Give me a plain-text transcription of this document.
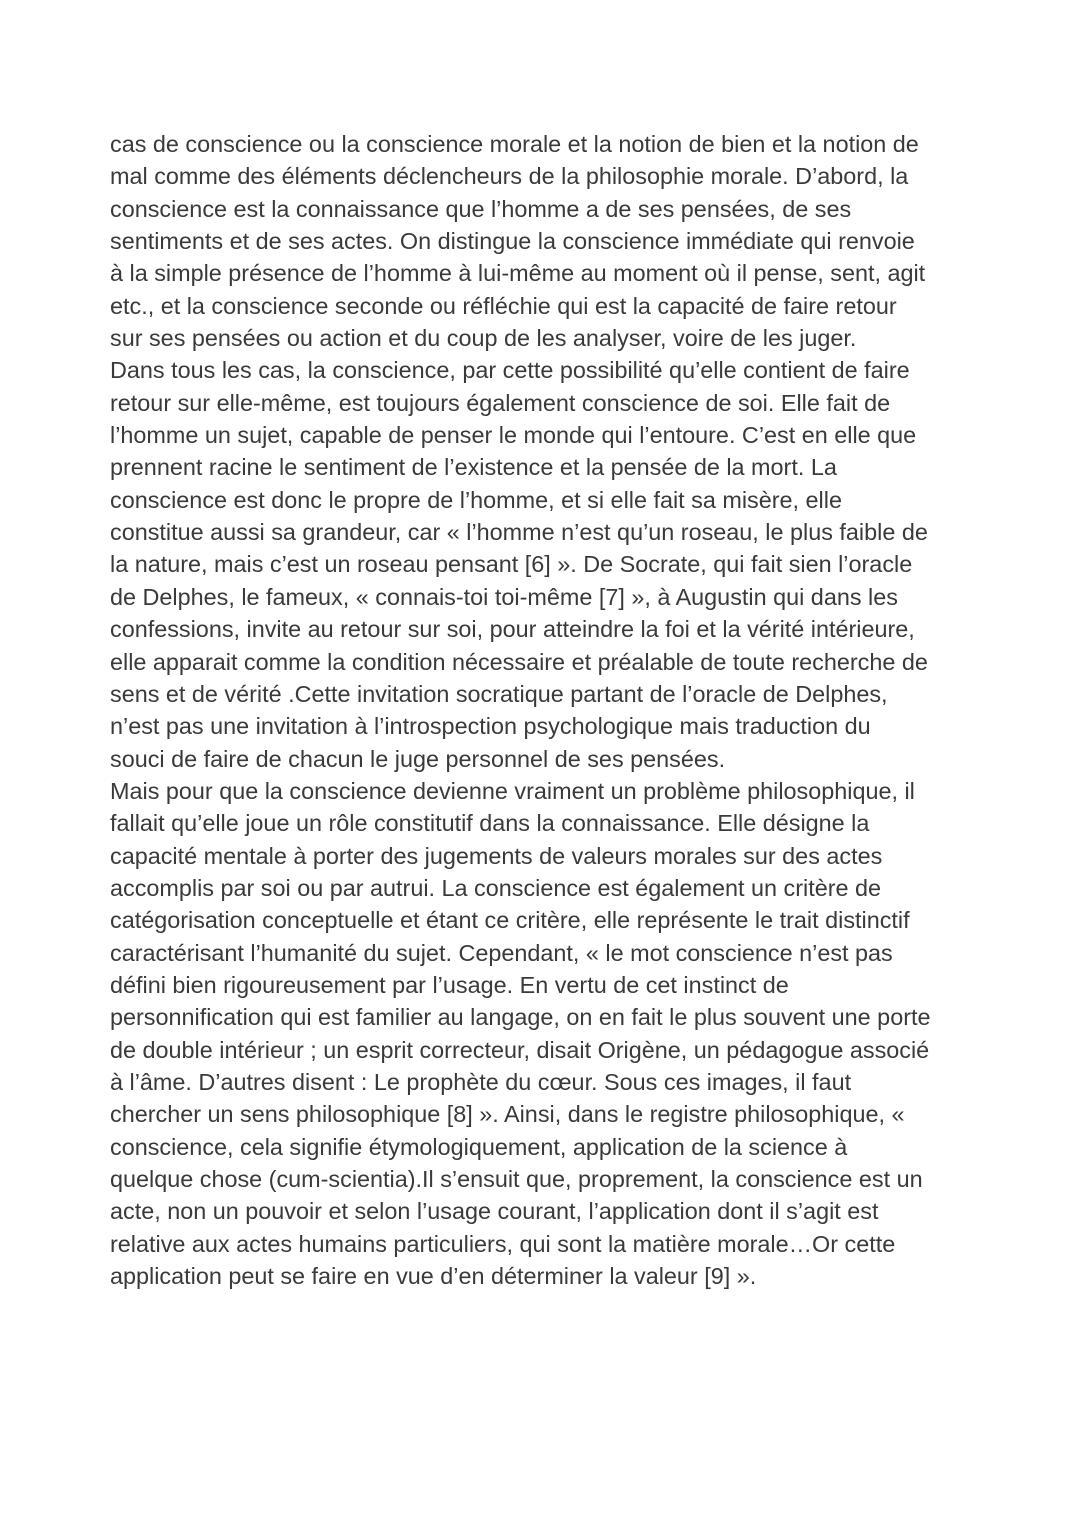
cas de conscience ou la conscience morale et la notion de bien et la notion de
mal comme des éléments déclencheurs de la philosophie morale. D’abord, la
conscience est la connaissance que l’homme a de ses pensées, de ses
sentiments et de ses actes. On distingue la conscience immédiate qui renvoie
à la simple présence de l’homme à lui-même au moment où il pense, sent, agit
etc., et la conscience seconde ou réfléchie qui est la capacité de faire retour
sur ses pensées ou action et du coup de les analyser, voire de les juger.
Dans tous les cas, la conscience, par cette possibilité qu’elle contient de faire
retour sur elle-même, est toujours également conscience de soi. Elle fait de
l’homme un sujet, capable de penser le monde qui l’entoure. C’est en elle que
prennent racine le sentiment de l’existence et la pensée de la mort. La
conscience est donc le propre de l’homme, et si elle fait sa misère, elle
constitue aussi sa grandeur, car « l’homme n’est qu’un roseau, le plus faible de
la nature, mais c’est un roseau pensant [6] ». De Socrate, qui fait sien l’oracle
de Delphes, le fameux, « connais-toi toi-même [7] », à Augustin qui dans les
confessions, invite au retour sur soi, pour atteindre la foi et la vérité intérieure,
elle apparait comme la condition nécessaire et préalable de toute recherche de
sens et de vérité .Cette invitation socratique partant de l’oracle de Delphes,
n’est pas une invitation à l’introspection psychologique mais traduction du
souci de faire de chacun le juge personnel de ses pensées.
Mais pour que la conscience devienne vraiment un problème philosophique, il
fallait qu’elle joue un rôle constitutif dans la connaissance. Elle désigne la
capacité mentale à porter des jugements de valeurs morales sur des actes
accomplis par soi ou par autrui. La conscience est également un critère de
catégorisation conceptuelle et étant ce critère, elle représente le trait distinctif
caractérisant l’humanité du sujet. Cependant, « le mot conscience n’est pas
défini bien rigoureusement par l’usage. En vertu de cet instinct de
personnification qui est familier au langage, on en fait le plus souvent une porte
de double intérieur ; un esprit correcteur, disait Origène, un pédagogue associé
à l’âme. D’autres disent : Le prophète du cœur. Sous ces images, il faut
chercher un sens philosophique [8] ». Ainsi, dans le registre philosophique, «
conscience, cela signifie étymologiquement, application de la science à
quelque chose (cum-scientia).Il s’ensuit que, proprement, la conscience est un
acte, non un pouvoir et selon l’usage courant, l’application dont il s’agit est
relative aux actes humains particuliers, qui sont la matière morale…Or cette
application peut se faire en vue d’en déterminer la valeur [9] ».
